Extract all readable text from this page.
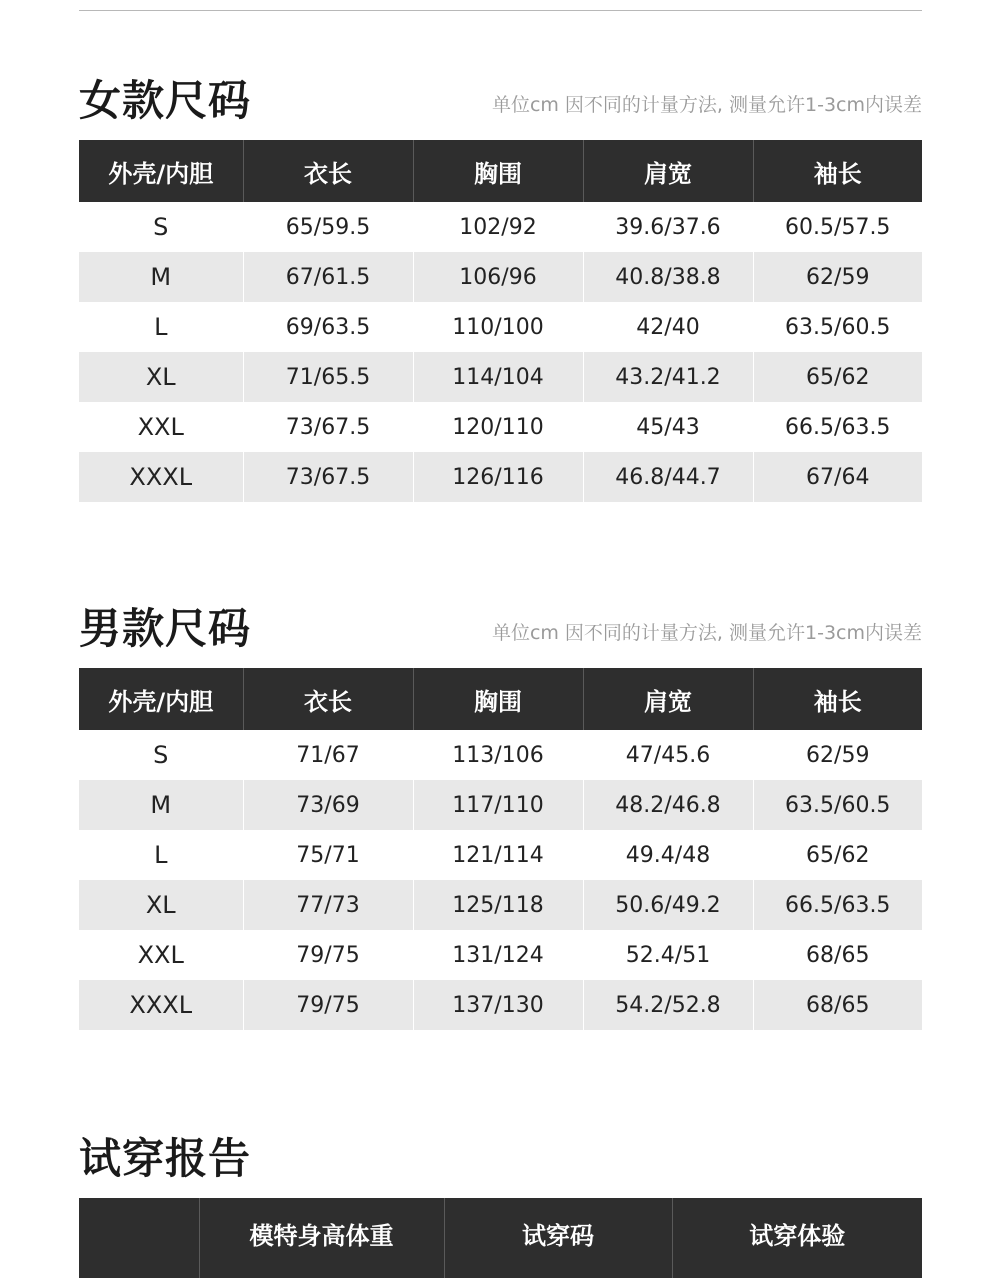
女款尺码	单位cm 因不同的计量方法, 测量允许1-3cm内误差
外壳/内胆	衣长	胸围	肩宽	袖长
S	65/59.5	102/92	39.6/37.6	60.5/57.5
M	67/61.5	106/96	40.8/38.8	62/59
L	69/63.5	110/100	42/40	63.5/60.5
XL	71/65.5	114/104	43.2/41.2	65/62
XXL	73/67.5	120/110	45/43	66.5/63.5
XXXL	73/67.5	126/116	46.8/44.7	67/64
男款尺码	单位cm 因不同的计量方法, 测量允许1-3cm内误差
外壳/内胆	衣长	胸围	肩宽	袖长
S	71/67	113/106	47/45.6	62/59
M	73/69	117/110	48.2/46.8	63.5/60.5
L	75/71	121/114	49.4/48	65/62
XL	77/73	125/118	50.6/49.2	66.5/63.5
XXL	79/75	131/124	52.4/51	68/65
XXXL	79/75	137/130	54.2/52.8	68/65
试穿报告
	模特身高体重	试穿码	试穿体验
